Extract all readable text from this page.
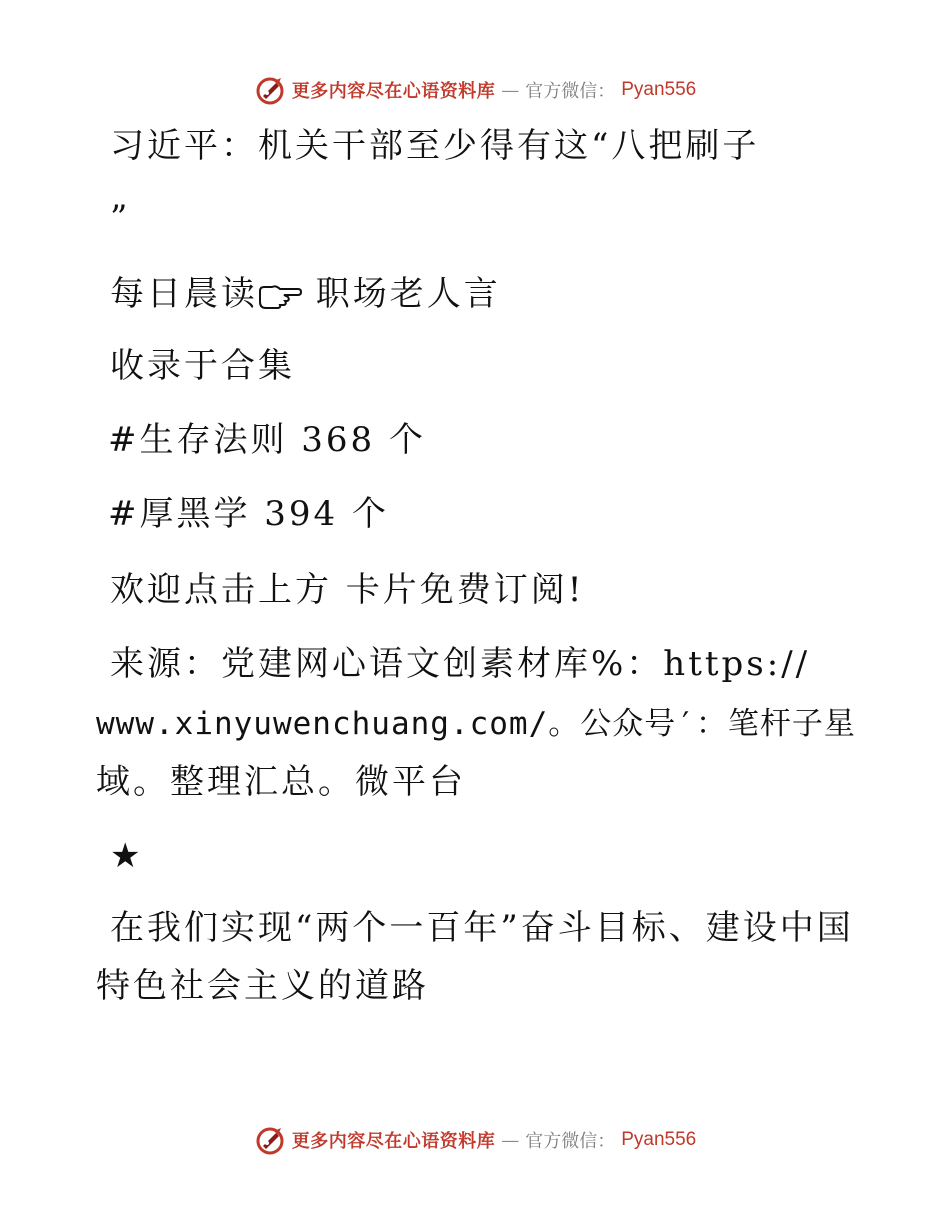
更多内容尽在心语资料库 — 官方微信： Pyan556
习近平：机关干部至少得有这“八把刷子
”
每日晨读 职场老人言
收录于合集
#生存法则 368 个
#厚黑学 394 个
欢迎点击上方 卡片免费订阅!
来源：党建网心语文创素材库%：https://
www.xinyuwenchuang.com/。公众号′：笔杆子星
域。整理汇总。微平台
★
在我们实现“两个一百年”奋斗目标、建设中国
特色社会主义的道路
更多内容尽在心语资料库 — 官方微信： Pyan556
